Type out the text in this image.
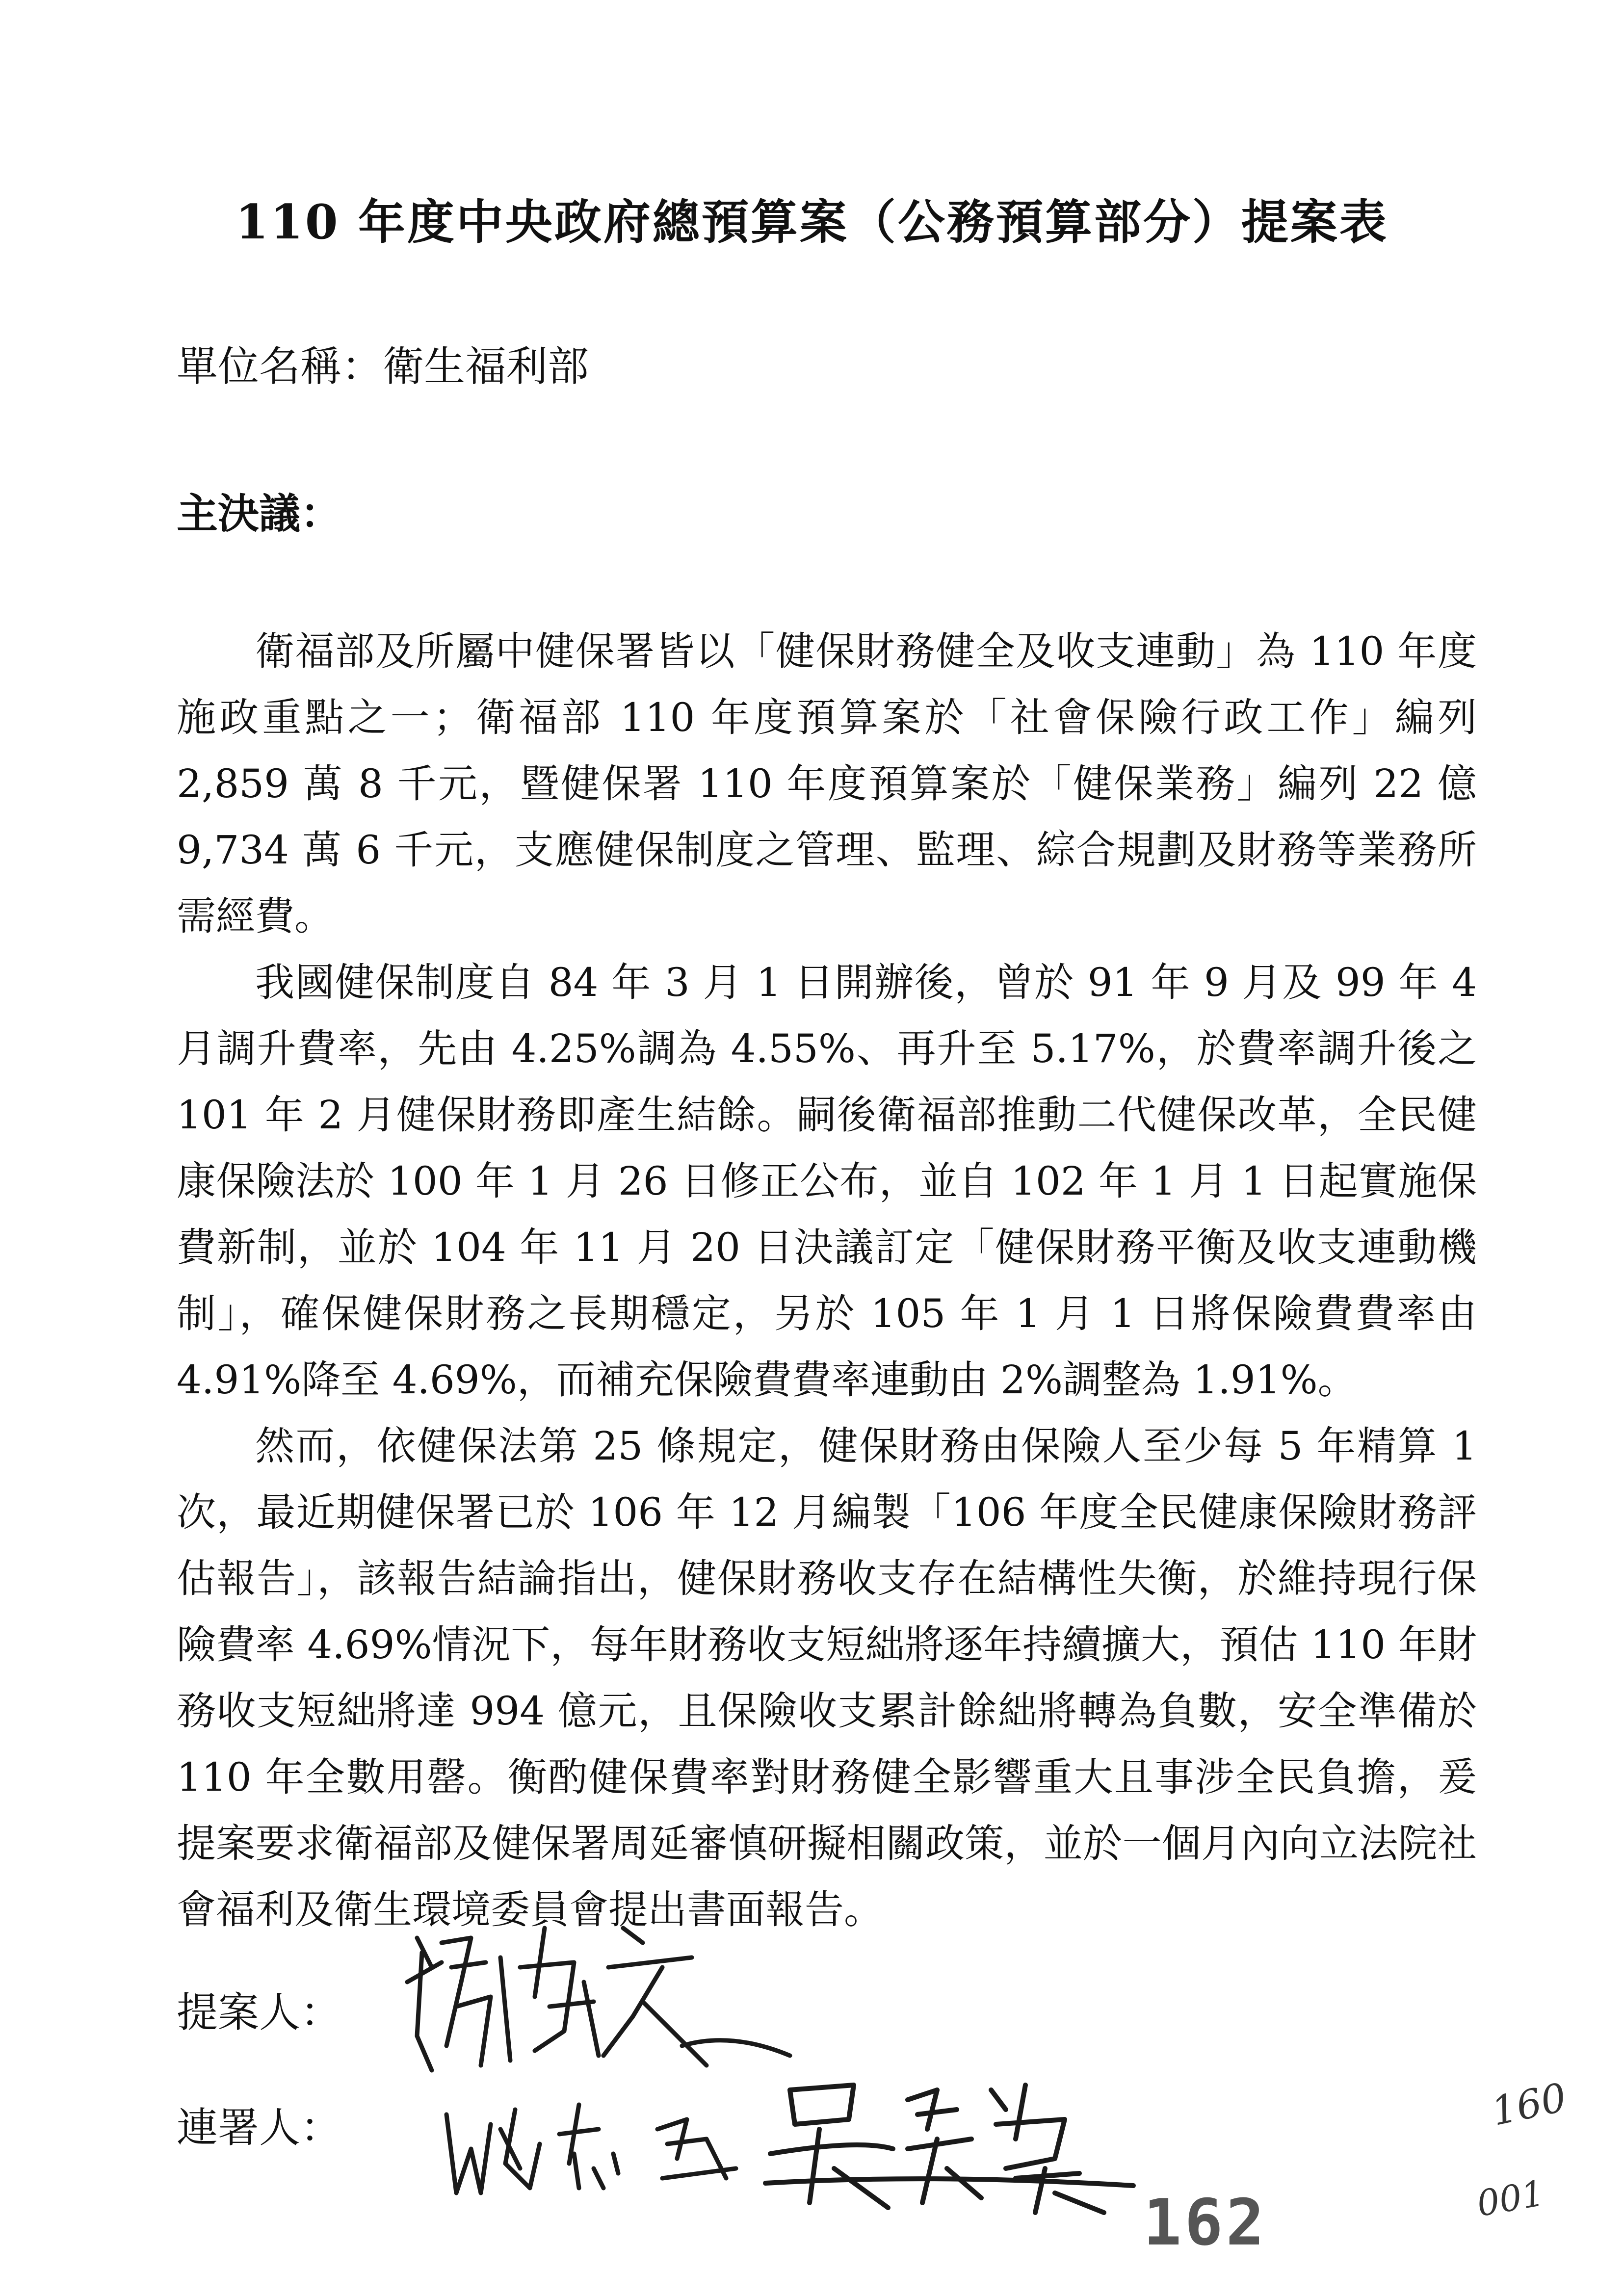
110 年度中央政府總預算案（公務預算部分）提案表
單位名稱：衛生福利部
主決議：

衛福部及所屬中健保署皆以「健保財務健全及收支連動」為 110 年度施政重點之一；衛福部 110 年度預算案於「社會保險行政工作」編列 2,859 萬 8 千元，暨健保署 110 年度預算案於「健保業務」編列 22 億 9,734 萬 6 千元，支應健保制度之管理、監理、綜合規劃及財務等業務所需經費。

我國健保制度自 84 年 3 月 1 日開辦後，曾於 91 年 9 月及 99 年 4 月調升費率，先由 4.25%調為 4.55%、再升至 5.17%，於費率調升後之 101 年 2 月健保財務即產生結餘。嗣後衛福部推動二代健保改革，全民健康保險法於 100 年 1 月 26 日修正公布，並自 102 年 1 月 1 日起實施保費新制，並於 104 年 11 月 20 日決議訂定「健保財務平衡及收支連動機制」，確保健保財務之長期穩定，另於 105 年 1 月 1 日將保險費費率由 4.91%降至 4.69%，而補充保險費費率連動由 2%調整為 1.91%。

然而，依健保法第 25 條規定，健保財務由保險人至少每 5 年精算 1 次，最近期健保署已於 106 年 12 月編製「106 年度全民健康保險財務評估報告」，該報告結論指出，健保財務收支存在結構性失衡，於維持現行保險費率 4.69%情況下，每年財務收支短絀將逐年持續擴大，預估 110 年財務收支短絀將達 994 億元，且保險收支累計餘絀將轉為負數，安全準備於 110 年全數用罄。衡酌健保費率對財務健全影響重大且事涉全民負擔，爰提案要求衛福部及健保署周延審慎研擬相關政策，並於一個月內向立法院社會福利及衛生環境委員會提出書面報告。

提案人：
連署人：
162
160
001
